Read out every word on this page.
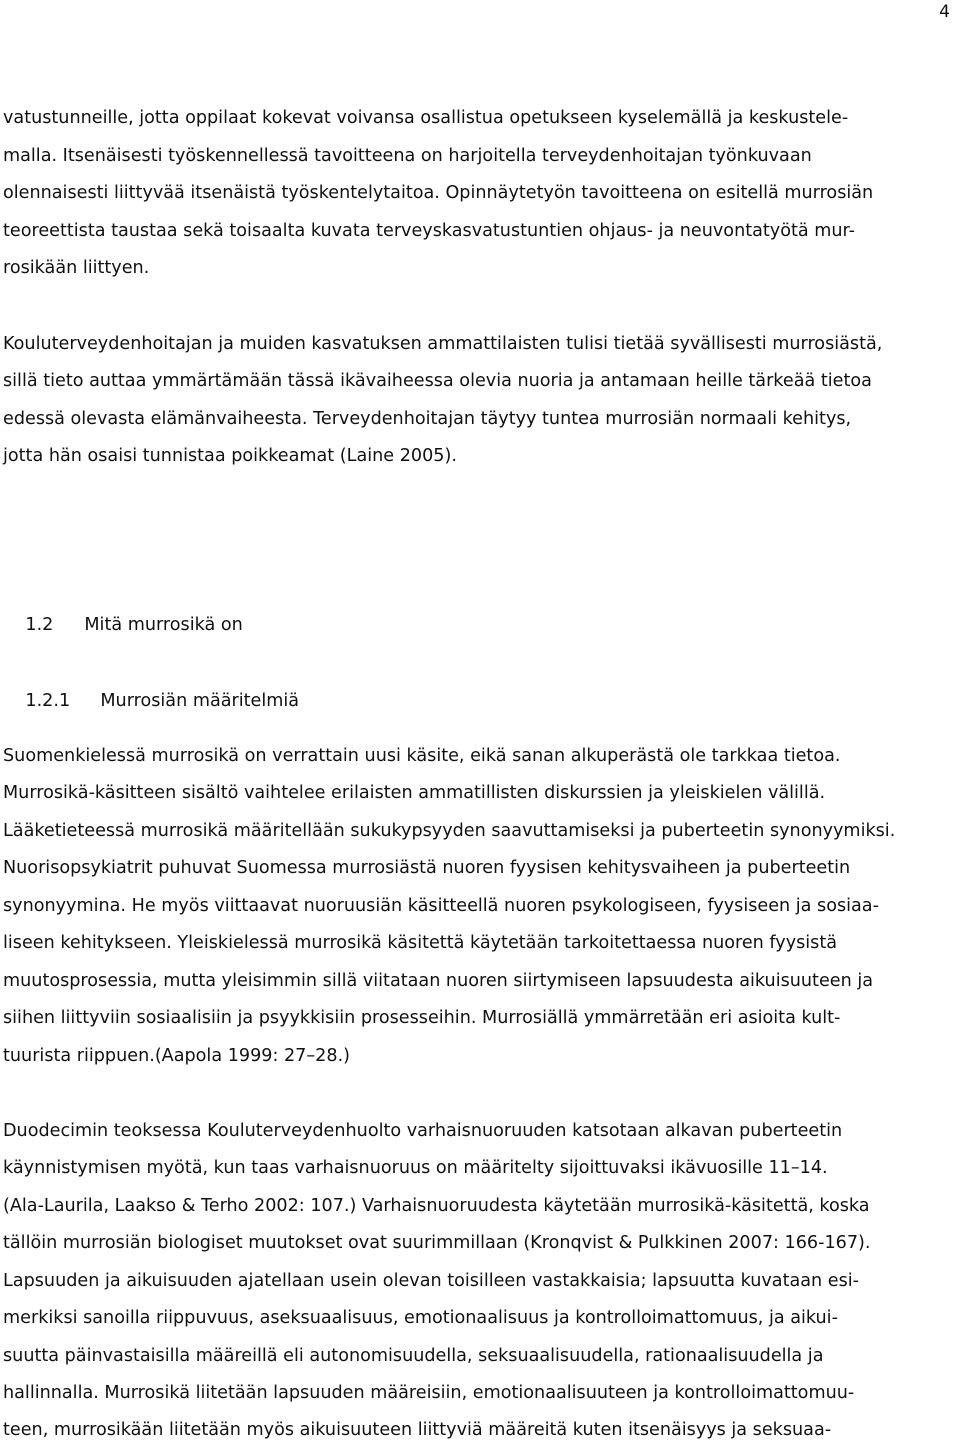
4
vatustunneille, jotta oppilaat kokevat voivansa osallistua opetukseen kyselemällä ja keskustele-
malla. Itsenäisesti työskennellessä tavoitteena on harjoitella terveydenhoitajan työnkuvaan
olennaisesti liittyvää itsenäistä työskentelytaitoa. Opinnäytetyön tavoitteena on esitellä murrosiän
teoreettista taustaa sekä toisaalta kuvata terveyskasvatustuntien ohjaus- ja neuvontatyötä mur-
rosikään liittyen.
Kouluterveydenhoitajan ja muiden kasvatuksen ammattilaisten tulisi tietää syvällisesti murrosiästä,
sillä tieto auttaa ymmärtämään tässä ikävaiheessa olevia nuoria ja antamaan heille tärkeää tietoa
edessä olevasta elämänvaiheesta. Terveydenhoitajan täytyy tuntea murrosiän normaali kehitys,
jotta hän osaisi tunnistaa poikkeamat (Laine 2005).

1.2 Mitä murrosikä on

1.2.1 Murrosiän määritelmiä

Suomenkielessä murrosikä on verrattain uusi käsite, eikä sanan alkuperästä ole tarkkaa tietoa.
Murrosikä-käsitteen sisältö vaihtelee erilaisten ammatillisten diskurssien ja yleiskielen välillä.
Lääketieteessä murrosikä määritellään sukukypsyyden saavuttamiseksi ja puberteetin synonyymiksi.
Nuorisopsykiatrit puhuvat Suomessa murrosiästä nuoren fyysisen kehitysvaiheen ja puberteetin
synonyymina. He myös viittaavat nuoruusiän käsitteellä nuoren psykologiseen, fyysiseen ja sosiaa-
liseen kehitykseen. Yleiskielessä murrosikä käsitettä käytetään tarkoitettaessa nuoren fyysistä
muutosprosessia, mutta yleisimmin sillä viitataan nuoren siirtymiseen lapsuudesta aikuisuuteen ja
siihen liittyviin sosiaalisiin ja psyykkisiin prosesseihin. Murrosiällä ymmärretään eri asioita kult-
tuurista riippuen.(Aapola 1999: 27–28.)
Duodecimin teoksessa Kouluterveydenhuolto varhaisnuoruuden katsotaan alkavan puberteetin
käynnistymisen myötä, kun taas varhaisnuoruus on määritelty sijoittuvaksi ikävuosille 11–14.
(Ala-Laurila, Laakso & Terho 2002: 107.) Varhaisnuoruudesta käytetään murrosikä-käsitettä, koska
tällöin murrosiän biologiset muutokset ovat suurimmillaan (Kronqvist & Pulkkinen 2007: 166-167).
Lapsuuden ja aikuisuuden ajatellaan usein olevan toisilleen vastakkaisia; lapsuutta kuvataan esi-
merkiksi sanoilla riippuvuus, aseksuaalisuus, emotionaalisuus ja kontrolloimattomuus, ja aikui-
suutta päinvastaisilla määreillä eli autonomisuudella, seksuaalisuudella, rationaalisuudella ja
hallinnalla. Murrosikä liitetään lapsuuden määreisiin, emotionaalisuuteen ja kontrolloimattomuu-
teen, murrosikään liitetään myös aikuisuuteen liittyviä määreitä kuten itsenäisyys ja seksuaa-
